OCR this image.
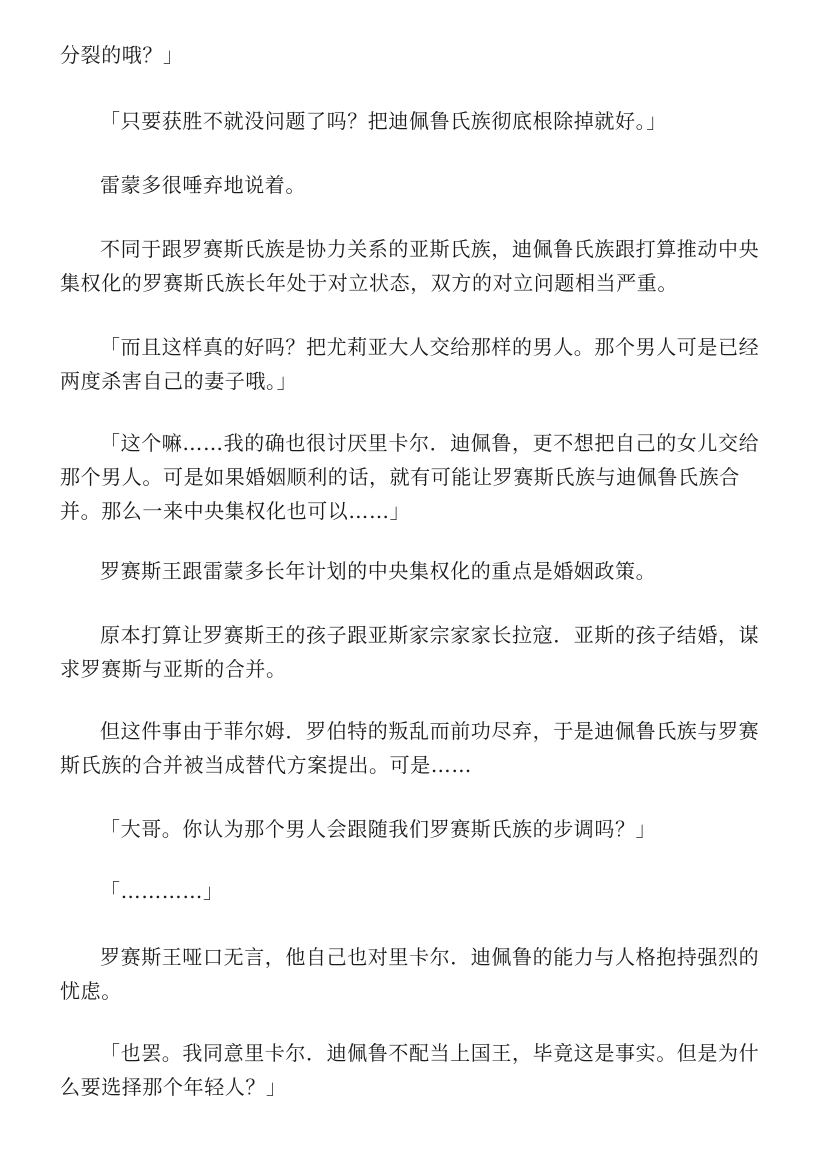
分裂的哦？」

「只要获胜不就没问题了吗？把迪佩鲁氏族彻底根除掉就好。」

雷蒙多很唾弃地说着。

不同于跟罗赛斯氏族是协力关系的亚斯氏族，迪佩鲁氏族跟打算推动中央集权化的罗赛斯氏族长年处于对立状态，双方的对立问题相当严重。

「而且这样真的好吗？把尤莉亚大人交给那样的男人。那个男人可是已经两度杀害自己的妻子哦。」

「这个嘛……我的确也很讨厌里卡尔．迪佩鲁，更不想把自己的女儿交给那个男人。可是如果婚姻顺利的话，就有可能让罗赛斯氏族与迪佩鲁氏族合并。那么一来中央集权化也可以……」

罗赛斯王跟雷蒙多长年计划的中央集权化的重点是婚姻政策。

原本打算让罗赛斯王的孩子跟亚斯家宗家家长拉寇．亚斯的孩子结婚，谋求罗赛斯与亚斯的合并。

但这件事由于菲尔姆．罗伯特的叛乱而前功尽弃，于是迪佩鲁氏族与罗赛斯氏族的合并被当成替代方案提出。可是……

「大哥。你认为那个男人会跟随我们罗赛斯氏族的步调吗？」

「…………」

罗赛斯王哑口无言，他自己也对里卡尔．迪佩鲁的能力与人格抱持强烈的忧虑。

「也罢。我同意里卡尔．迪佩鲁不配当上国王，毕竟这是事实。但是为什么要选择那个年轻人？」
